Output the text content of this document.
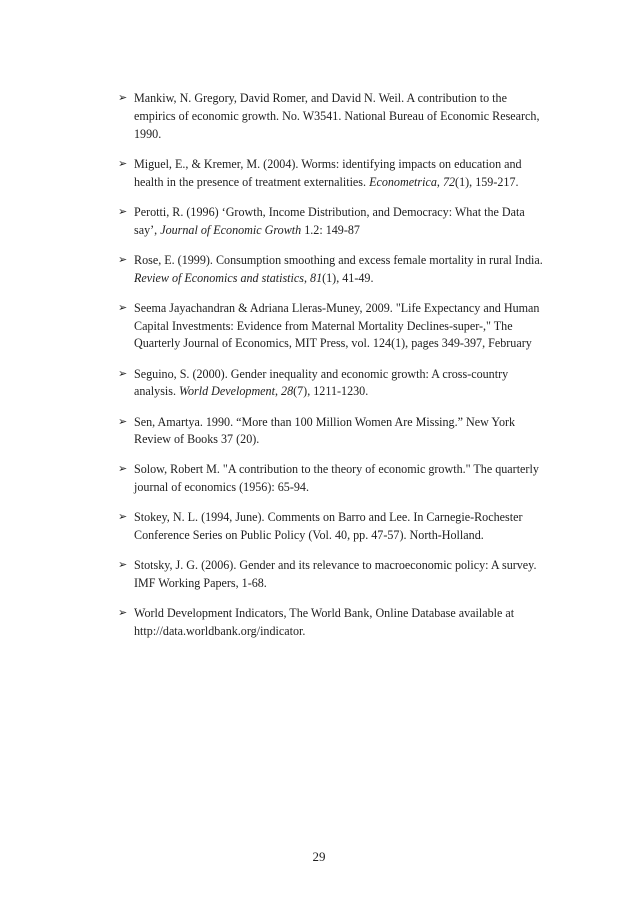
➢ Mankiw, N. Gregory, David Romer, and David N. Weil. A contribution to the empirics of economic growth. No. W3541. National Bureau of Economic Research, 1990.
➢ Miguel, E., & Kremer, M. (2004). Worms: identifying impacts on education and health in the presence of treatment externalities. Econometrica, 72(1), 159-217.
➢ Perotti, R. (1996) ‘Growth, Income Distribution, and Democracy: What the Data say’, Journal of Economic Growth 1.2: 149-87
➢ Rose, E. (1999). Consumption smoothing and excess female mortality in rural India. Review of Economics and statistics, 81(1), 41-49.
➢ Seema Jayachandran & Adriana Lleras-Muney, 2009. "Life Expectancy and Human Capital Investments: Evidence from Maternal Mortality Declines-super-," The Quarterly Journal of Economics, MIT Press, vol. 124(1), pages 349-397, February
➢ Seguino, S. (2000). Gender inequality and economic growth: A cross-country analysis. World Development, 28(7), 1211-1230.
➢ Sen, Amartya. 1990. “More than 100 Million Women Are Missing.” New York Review of Books 37 (20).
➢ Solow, Robert M. "A contribution to the theory of economic growth." The quarterly journal of economics (1956): 65-94.
➢ Stokey, N. L. (1994, June). Comments on Barro and Lee. In Carnegie-Rochester Conference Series on Public Policy (Vol. 40, pp. 47-57). North-Holland.
➢ Stotsky, J. G. (2006). Gender and its relevance to macroeconomic policy: A survey. IMF Working Papers, 1-68.
➢ World Development Indicators, The World Bank, Online Database available at http://data.worldbank.org/indicator.
29
